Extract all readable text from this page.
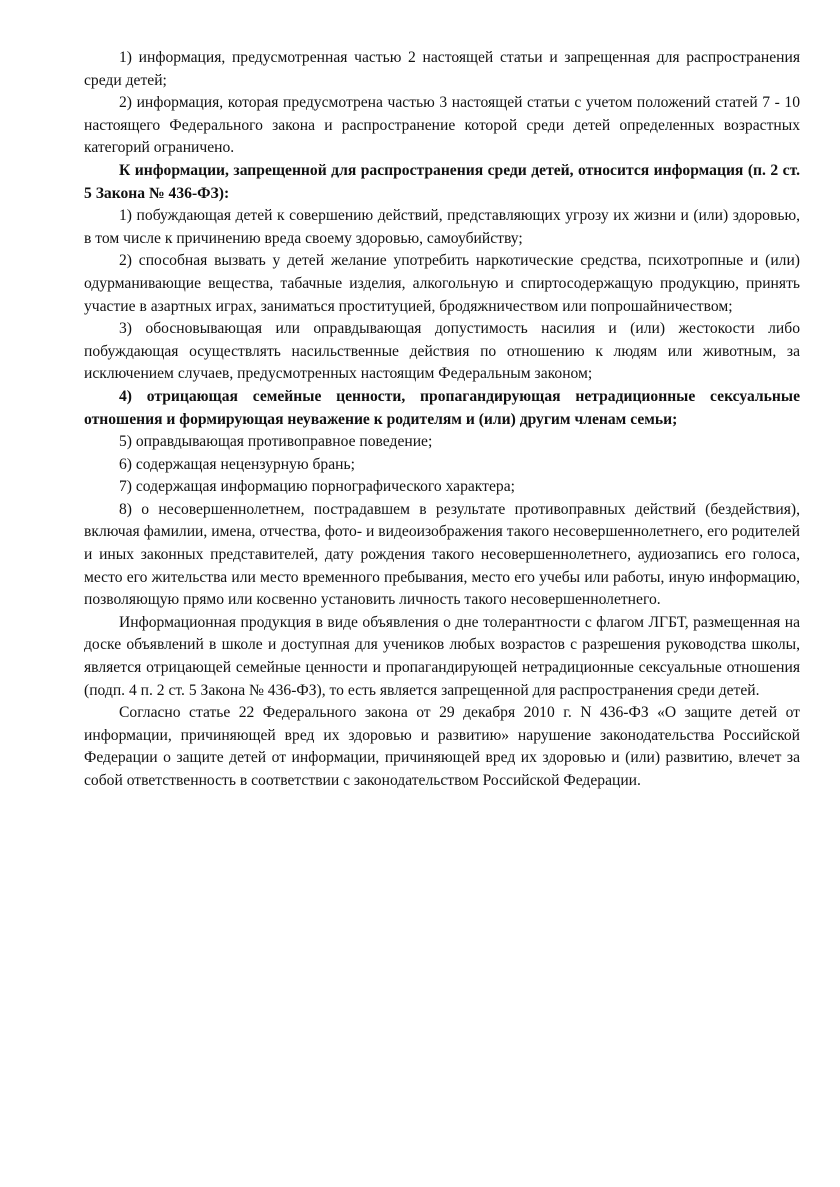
1) информация, предусмотренная частью 2 настоящей статьи и запрещенная для распространения среди детей;

2) информация, которая предусмотрена частью 3 настоящей статьи с учетом положений статей 7 - 10 настоящего Федерального закона и распространение которой среди детей определенных возрастных категорий ограничено.

К информации, запрещенной для распространения среди детей, относится информация (п. 2 ст. 5 Закона № 436-ФЗ):

1) побуждающая детей к совершению действий, представляющих угрозу их жизни и (или) здоровью, в том числе к причинению вреда своему здоровью, самоубийству;

2) способная вызвать у детей желание употребить наркотические средства, психотропные и (или) одурманивающие вещества, табачные изделия, алкогольную и спиртосодержащую продукцию, принять участие в азартных играх, заниматься проституцией, бродяжничеством или попрошайничеством;

3) обосновывающая или оправдывающая допустимость насилия и (или) жестокости либо побуждающая осуществлять насильственные действия по отношению к людям или животным, за исключением случаев, предусмотренных настоящим Федеральным законом;

4) отрицающая семейные ценности, пропагандирующая нетрадиционные сексуальные отношения и формирующая неуважение к родителям и (или) другим членам семьи;

5) оправдывающая противоправное поведение;

6) содержащая нецензурную брань;

7) содержащая информацию порнографического характера;

8) о несовершеннолетнем, пострадавшем в результате противоправных действий (бездействия), включая фамилии, имена, отчества, фото- и видеоизображения такого несовершеннолетнего, его родителей и иных законных представителей, дату рождения такого несовершеннолетнего, аудиозапись его голоса, место его жительства или место временного пребывания, место его учебы или работы, иную информацию, позволяющую прямо или косвенно установить личность такого несовершеннолетнего.

Информационная продукция в виде объявления о дне толерантности с флагом ЛГБТ, размещенная на доске объявлений в школе и доступная для учеников любых возрастов с разрешения руководства школы, является отрицающей семейные ценности и пропагандирующей нетрадиционные сексуальные отношения (подп. 4 п. 2 ст. 5 Закона № 436-ФЗ), то есть является запрещенной для распространения среди детей.

Согласно статье 22 Федерального закона от 29 декабря 2010 г. N 436-ФЗ «О защите детей от информации, причиняющей вред их здоровью и развитию» нарушение законодательства Российской Федерации о защите детей от информации, причиняющей вред их здоровью и (или) развитию, влечет за собой ответственность в соответствии с законодательством Российской Федерации.
